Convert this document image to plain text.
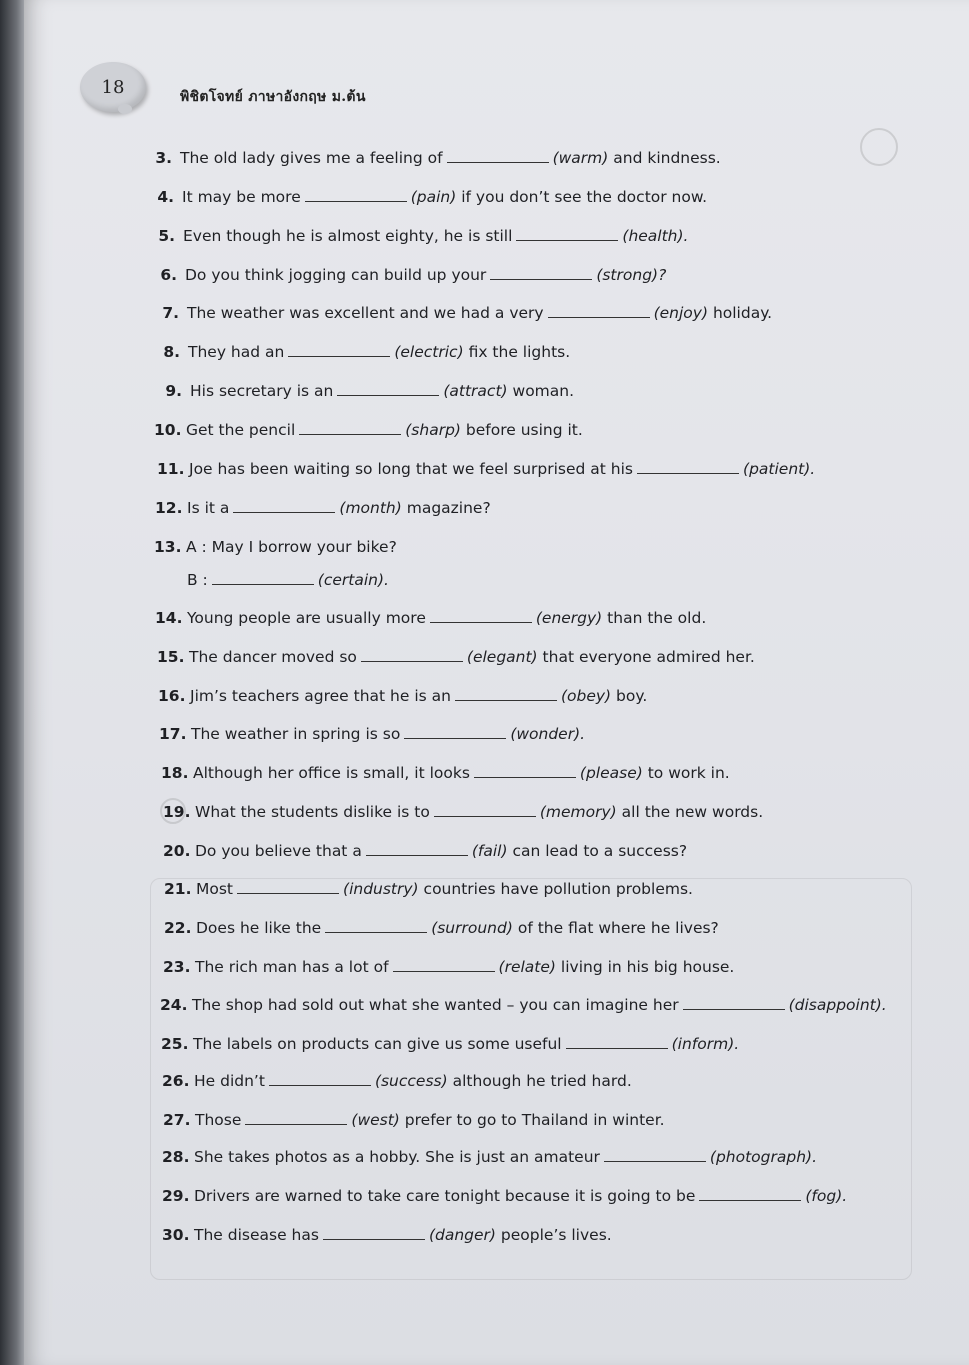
18	พิชิตโจทย์ ภาษาอังกฤษ ม.ต้น
3. The old lady gives me a feeling of	(warm) and kindness.
4. It may be more	(pain) if you don’t see the doctor now.
5. Even though he is almost eighty, he is still	(health).
6. Do you think jogging can build up your	(strong)?
7. The weather was excellent and we had a very	(enjoy) holiday.
8. They had an	(electric) fix the lights.
9. His secretary is an	(attract) woman.
10. Get the pencil	(sharp) before using it.
11. Joe has been waiting so long that we feel surprised at his	(patient).
12. Is it a	(month) magazine?
13. A : May I borrow your bike?
B :	(certain).
14. Young people are usually more	(energy) than the old.
15. The dancer moved so	(elegant) that everyone admired her.
16. Jim’s teachers agree that he is an	(obey) boy.
17. The weather in spring is so	(wonder).
18. Although her office is small, it looks	(please) to work in.
19. What the students dislike is to	(memory) all the new words.
20. Do you believe that a	(fail) can lead to a success?
21. Most	(industry) countries have pollution problems.
22. Does he like the	(surround) of the flat where he lives?
23. The rich man has a lot of	(relate) living in his big house.
24. The shop had sold out what she wanted – you can imagine her	(disappoint).
25. The labels on products can give us some useful	(inform).
26. He didn’t	(success) although he tried hard.
27. Those	(west) prefer to go to Thailand in winter.
28. She takes photos as a hobby. She is just an amateur	(photograph).
29. Drivers are warned to take care tonight because it is going to be	(fog).
30. The disease has	(danger) people’s lives.
